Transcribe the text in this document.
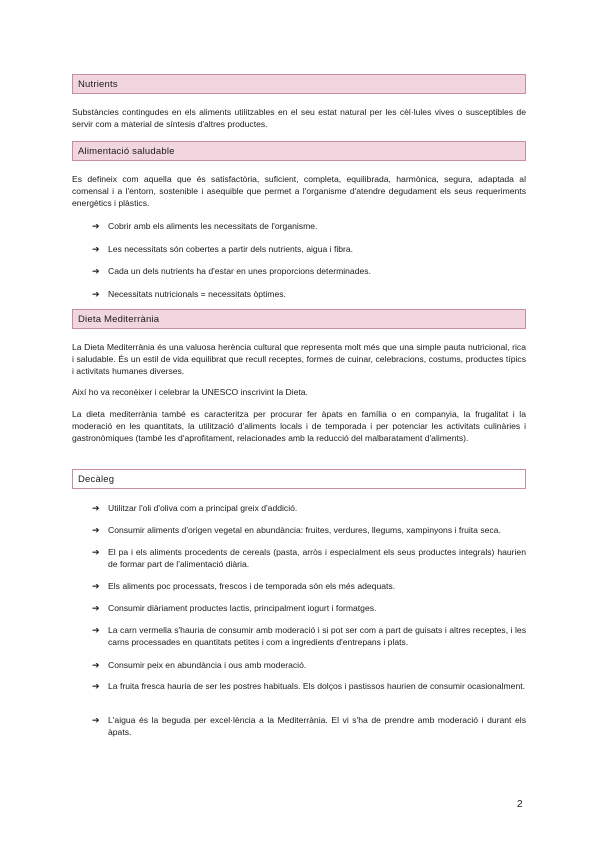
Nutrients

Substàncies contingudes en els aliments utilitzables en el seu estat natural per les cèl·lules vives o susceptibles de servir com a material de síntesis d'altres productes.

Alimentació saludable

Es defineix com aquella que és satisfactòria, suficient, completa, equilibrada, harmònica, segura, adaptada al comensal i a l'entorn, sostenible i asequible que permet a l'organisme d'atendre degudament els seus requeriments energètics i plàstics.

➔ Cobrir amb els aliments les necessitats de l'organisme.
➔ Les necessitats són cobertes a partir dels nutrients, aigua i fibra.
➔ Cada un dels nutrients ha d'estar en unes proporcions determinades.
➔ Necessitats nutricionals = necessitats òptimes.
Dieta Mediterrània

La Dieta Mediterrània és una valuosa herència cultural que representa molt més que una simple pauta nutricional, rica i saludable. És un estil de vida equilibrat que recull receptes, formes de cuinar, celebracions, costums, productes típics i activitats humanes diverses.

Així ho va reconèixer i celebrar la UNESCO inscrivint la Dieta.

La dieta mediterrània també es caracteritza per procurar fer àpats en família o en companyia, la frugalitat i la moderació en les quantitats, la utilització d'aliments locals i de temporada i per potenciar les activitats culinàries i gastronòmiques (també les d'aprofitament, relacionades amb la reducció del malbaratament d'aliments).

Decàleg
➔ Utilitzar l'oli d'oliva com a principal greix d'addició.
➔ Consumir aliments d'origen vegetal en abundància: fruites, verdures, llegums, xampinyons i fruita seca.
➔ El pa i els aliments procedents de cereals (pasta, arròs i especialment els seus productes integrals) haurien de formar part de l'alimentació diària.
➔ Els aliments poc processats, frescos i de temporada són els més adequats.
➔ Consumir diàriament productes lactis, principalment iogurt i formatges.
➔ La carn vermella s'hauria de consumir amb moderació i si pot ser com a part de guisats i altres receptes, i les carns processades en quantitats petites i com a ingredients d'entrepans i plats.
➔ Consumir peix en abundància i ous amb moderació.
➔ La fruita fresca hauria de ser les postres habituals. Els dolços i pastissos haurien de consumir ocasionalment.
➔ L'aigua és la beguda per excel·lència a la Mediterrània. El vi s'ha de prendre amb moderació i durant els àpats.
2
